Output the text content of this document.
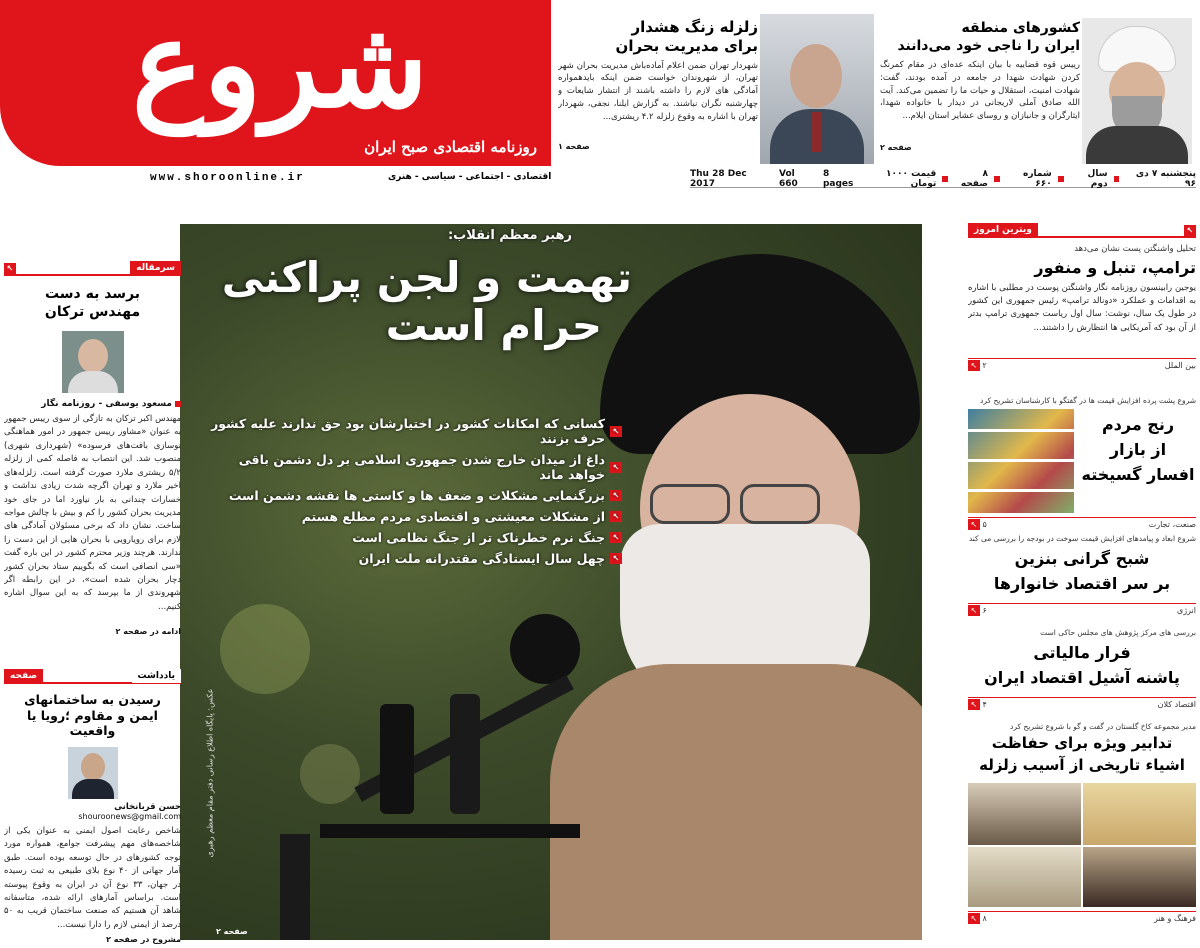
شروع
روزنامه اقتصادی صبح ایران
www.shoroonline.ir	اقتصادی - اجتماعی - سیاسی - هنری
زلزله زنگ هشدار
برای مدیریت بحران
شهردار تهران ضمن اعلام آماده‌باش مدیریت بحران شهر تهران، از شهروندان خواست ضمن اینکه بایدهمواره آمادگی های لازم را داشته باشند از انتشار شایعات و چهارشنبه نگران نباشند. به گزارش ایلنا، نجفی، شهردار تهران با اشاره به وقوع زلزله ۴.۲ ریشتری...
صفحه ۱
کشورهای منطقه
ایران را ناجی خود می‌دانند
رییس قوه قضاییه با بیان اینکه عده‌ای در مقام کمرنگ کردن شهادت شهدا در جامعه در آمده بودند، گفت: شهادت امنیت، استقلال و حیات ما را تضمین می‌کند. آیت الله صادق آملی لاریجانی در دیدار با خانواده شهدا، ایثارگران و جانبازان و روسای عشایر استان ایلام...
صفحه ۲
پنجشنبه ۷ دی ۹۶
سال دوم
شماره ۶۶۰
۸ صفحه
قیمت ۱۰۰۰ تومان
Thu 28 Dec 2017
Vol 660
8 pages
رهبر معظم انقلاب:
تهمت و لجن پراکنی
حرام است
↖
کسانی که امکانات کشور در اختیارشان بود حق ندارند علیه کشور حرف بزنند
↖
داغ از میدان خارج شدن جمهوری اسلامی بر دل دشمن باقی خواهد ماند
↖
بزرگنمایی مشکلات و ضعف ها و کاستی ها نقشه دشمن است
↖
از مشکلات معیشتی و اقتصادی مردم مطلع هستم
↖
جنگ نرم خطرناک تر از جنگ نظامی است
↖
چهل سال ایستادگی مقتدرانه ملت ایران
عکس: پایگاه اطلاع رسانی دفتر مقام معظم رهبری
صفحه ۲
سرمقاله
↖
برسد به دست مهندس ترکان
مسعود یوسفی - روزنامه نگار
مهندس اکبر ترکان به تازگی از سوی رییس جمهور به عنوان «مشاور رییس جمهور در امور هماهنگی نوسازی بافت‌های فرسوده» (شهرداری شهری) منصوب شد. این انتصاب به فاصله کمی از زلزله ۵/۲ ریشتری ملارد صورت گرفته است. زلزله‌های اخیر ملارد و تهران اگرچه شدت زیادی نداشت و خسارات چندانی به بار نیاورد اما در جای خود مدیریت بحران کشور را کم و بیش با چالش مواجه ساخت. نشان داد که برخی مسئولان آمادگی های لازم برای رویارویی با بحران هایی از این دست را ندارند. هرچند وزیر محترم کشور در این باره گفت «سی انصافی است که بگوییم ستاد بحران کشور دچار بحران شده است»، در این رابطه اگر شهروندی از ما بپرسد که به این سوال اشاره کنیم...
ادامه در صفحه ۲
یادداشت
صفحه
رسیدن به ساختمانهای ایمن و مقاوم ؛رویا یا واقعیت
حسن قربانخانی
shouroonews@gmail.com
شاخص رعایت اصول ایمنی به عنوان یکی از شاخصه‌های مهم پیشرفت جوامع، همواره مورد توجه کشورهای در حال توسعه بوده است. طبق آمار جهانی از ۴۰ نوع بلای طبیعی به ثبت رسیده در جهان، ۳۳ نوع آن در ایران به وقوع پیوسته است. براساس آمارهای ارائه شده، متاسفانه شاهد آن هستیم که صنعت ساختمان قریب به ۵۰ درصد از ایمنی لازم را دارا نیست...
مشروح در صفحه ۲
↖
ویترین امروز
تحلیل واشنگتن پست نشان می‌دهد
ترامپ، تنبل و منفور
یوجین رابینسون روزنامه نگار واشنگتن پوست در مطلبی با اشاره به اقدامات و عملکرد «دونالد ترامپ» رئیس جمهوری این کشور در طول یک سال، نوشت: سال اول ریاست جمهوری ترامپ بدتر از آن بود که آمریکایی ها انتظارش را داشتند...
بین الملل
۲ ↖
شروع پشت پرده افزایش قیمت ها در گفتگو با کارشناسان تشریح کرد
رنج مردم
از بازار
افسار گسیخته
صنعت، تجارت
۵ ↖
شروع ابعاد و پیامدهای افزایش قیمت سوخت در بودجه را بررسی می کند
شبح گرانی بنزین
بر سر اقتصاد خانوارها
انرژی
۶ ↖
بررسی های مرکز پژوهش های مجلس حاکی است
فرار مالیاتی
پاشنه آشیل اقتصاد ایران
اقتصاد کلان
۴ ↖
مدیر مجموعه کاخ گلستان در گفت و گو با شروع تشریح کرد
تدابیر ویژه برای حفاظت
اشیاء تاریخی از آسیب زلزله
فرهنگ و هنر
۸ ↖
